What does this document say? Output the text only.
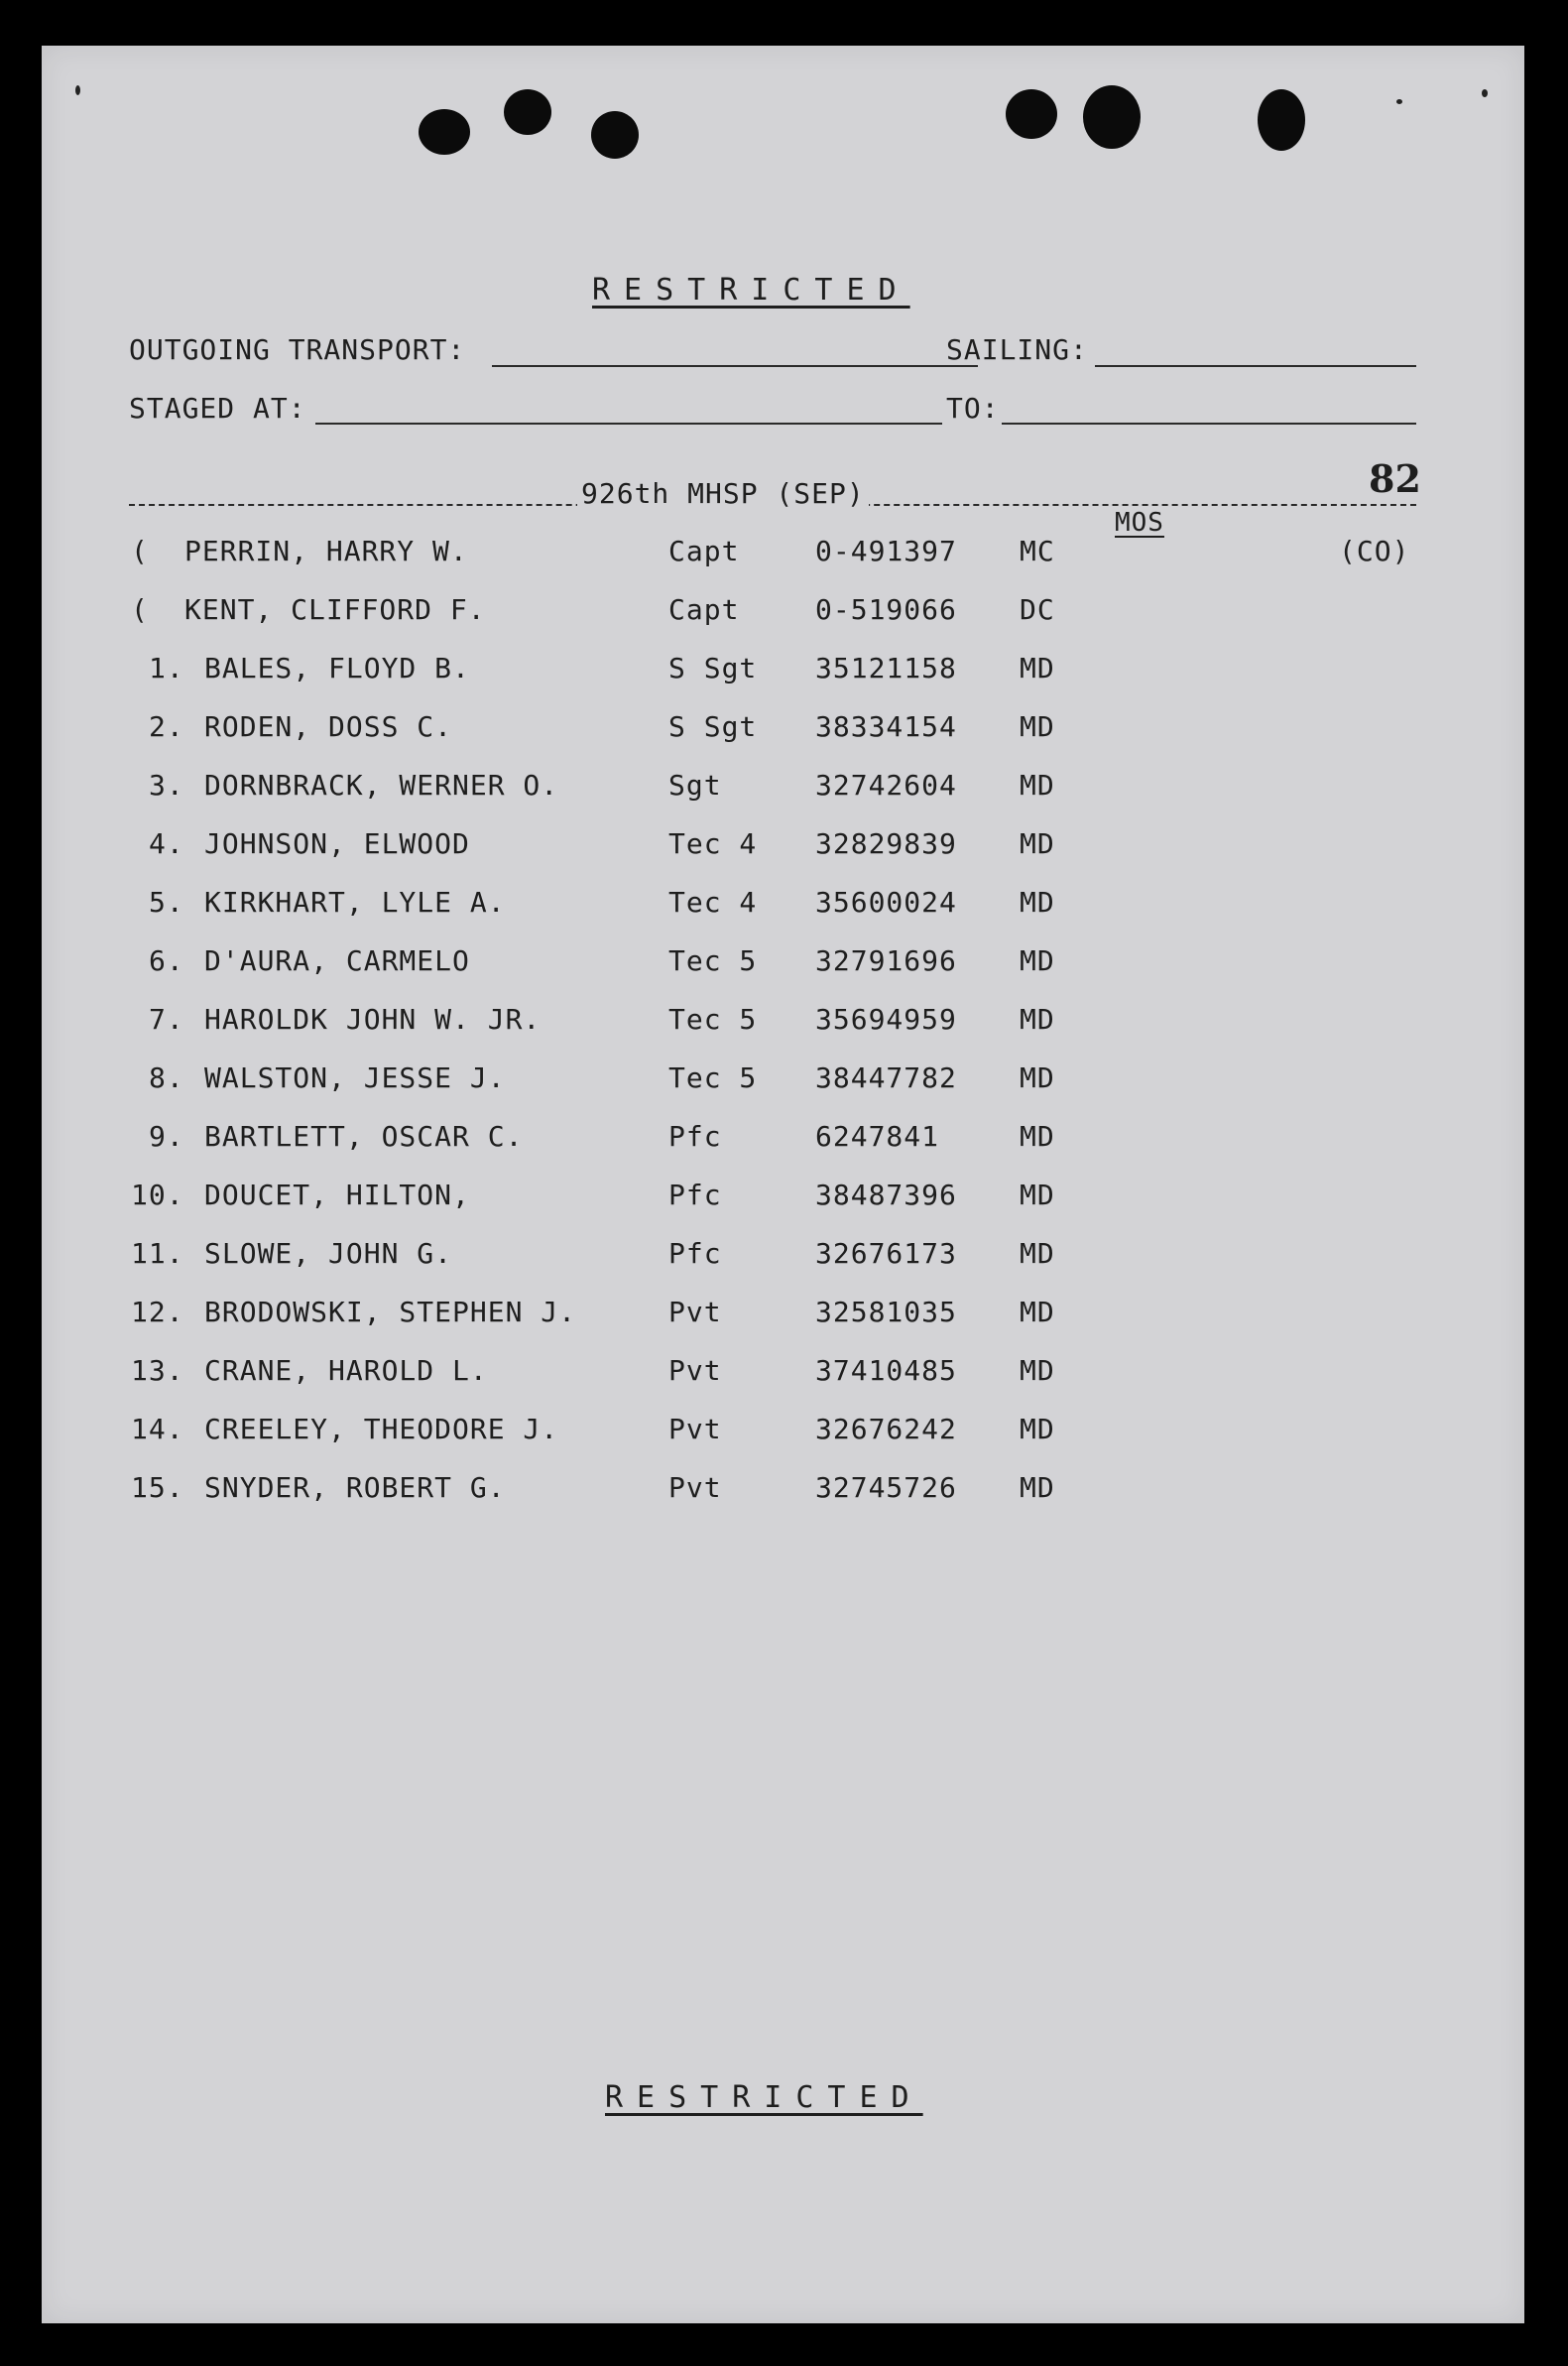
RESTRICTED
OUTGOING TRANSPORT:	SAILING:
STAGED AT:	TO:
926th MHSP (SEP)	82
MOS
( PERRIN, HARRY W.	Capt	0-491397 MC	(CO)
( KENT, CLIFFORD F.	Capt	0-519066 DC
1. BALES, FLOYD B.	S Sgt 35121158 MD
2. RODEN, DOSS C.	S Sgt 38334154 MD
3. DORNBRACK, WERNER O.	Sgt	32742604 MD
4. JOHNSON, ELWOOD	Tec 4 32829839 MD
5. KIRKHART, LYLE A.	Tec 4 35600024 MD
6. D'AURA, CARMELO	Tec 5 32791696 MD
7. HAROLDK JOHN W. JR.	Tec 5 35694959 MD
8. WALSTON, JESSE J.	Tec 5 38447782 MD
9. BARTLETT, OSCAR C.	Pfc	6247841	MD
10. DOUCET, HILTON,	Pfc	38487396 MD
11. SLOWE, JOHN G.	Pfc	32676173 MD
12. BRODOWSKI, STEPHEN J.	Pvt	32581035 MD
13. CRANE, HAROLD L.	Pvt	37410485 MD
14. CREELEY, THEODORE J.	Pvt	32676242 MD
15. SNYDER, ROBERT G.	Pvt	32745726 MD
RESTRICTED
